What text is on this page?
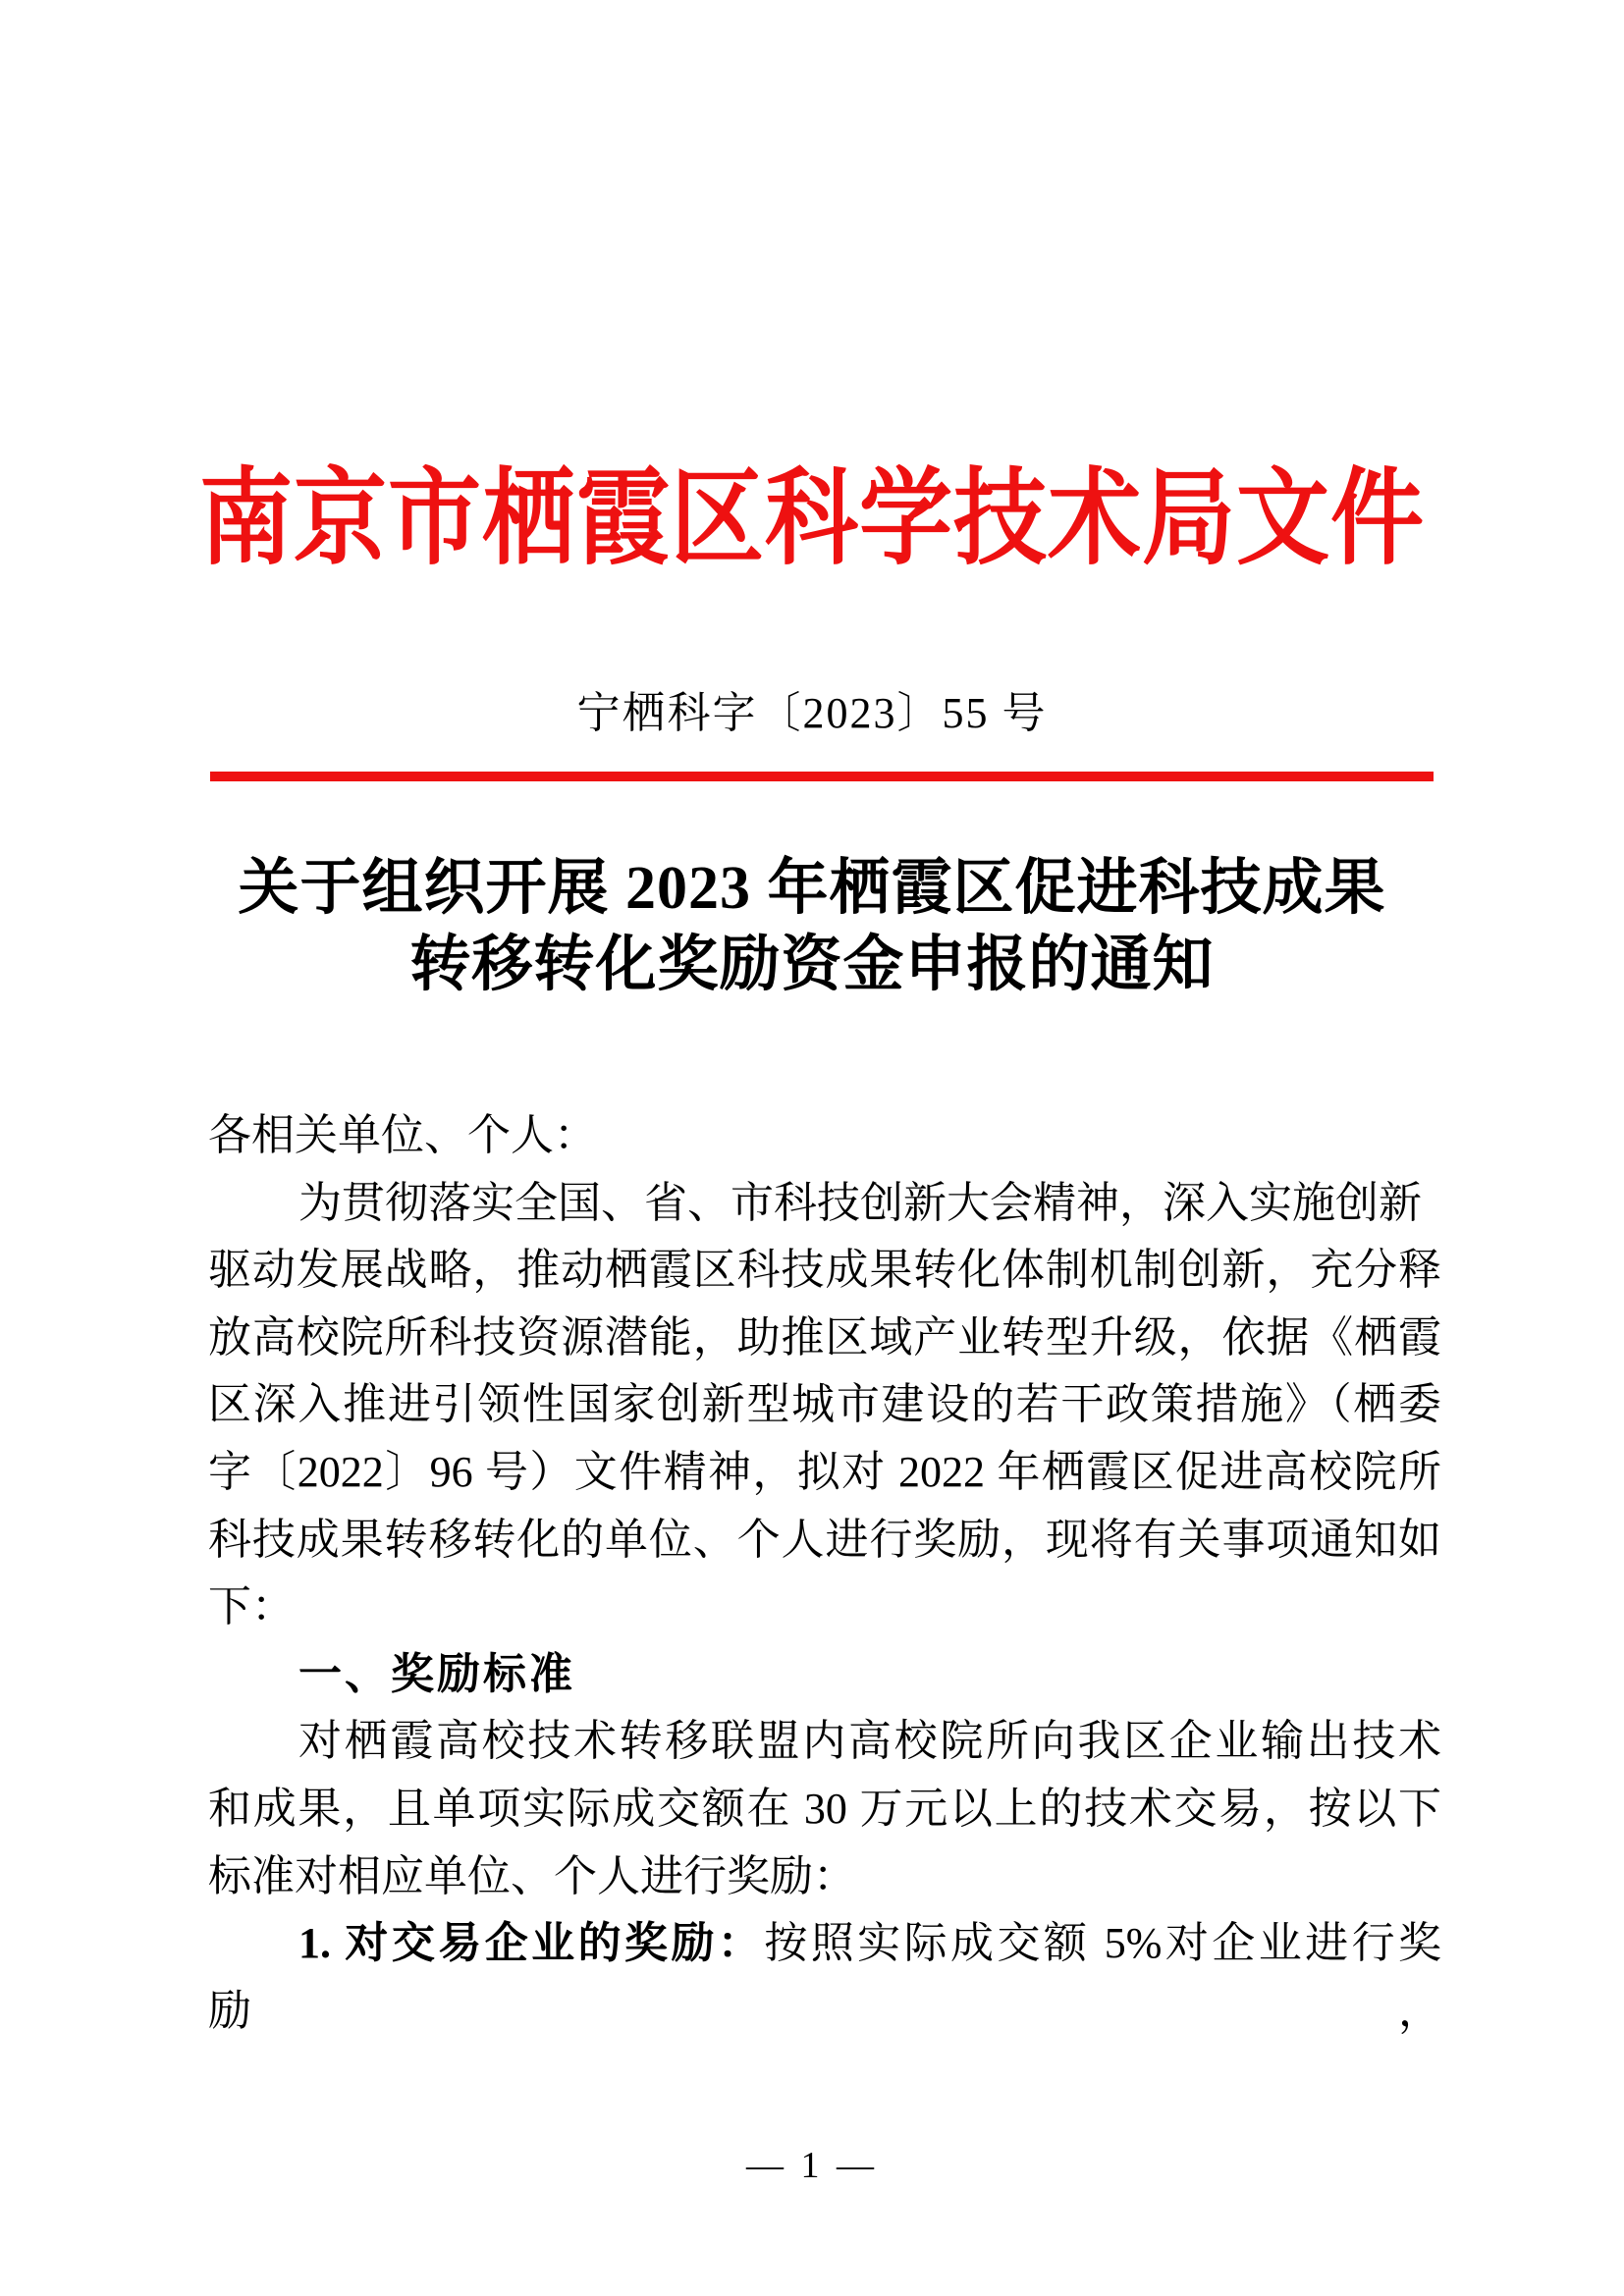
南京市栖霞区科学技术局文件
宁栖科字〔2023〕55 号
关于组织开展 2023 年栖霞区促进科技成果
转移转化奖励资金申报的通知
各相关单位、个人：
为贯彻落实全国、省、市科技创新大会精神，深入实施创新
驱动发展战略，推动栖霞区科技成果转化体制机制创新，充分释
放高校院所科技资源潜能，助推区域产业转型升级，依据《栖霞
区深入推进引领性国家创新型城市建设的若干政策措施》（栖委
字〔2022〕96 号）文件精神，拟对 2022 年栖霞区促进高校院所
科技成果转移转化的单位、个人进行奖励，现将有关事项通知如
下：
一、奖励标准
对栖霞高校技术转移联盟内高校院所向我区企业输出技术
和成果，且单项实际成交额在 30 万元以上的技术交易，按以下
标准对相应单位、个人进行奖励：
1. 对交易企业的奖励：按照实际成交额 5%对企业进行奖励，
— 1 —
